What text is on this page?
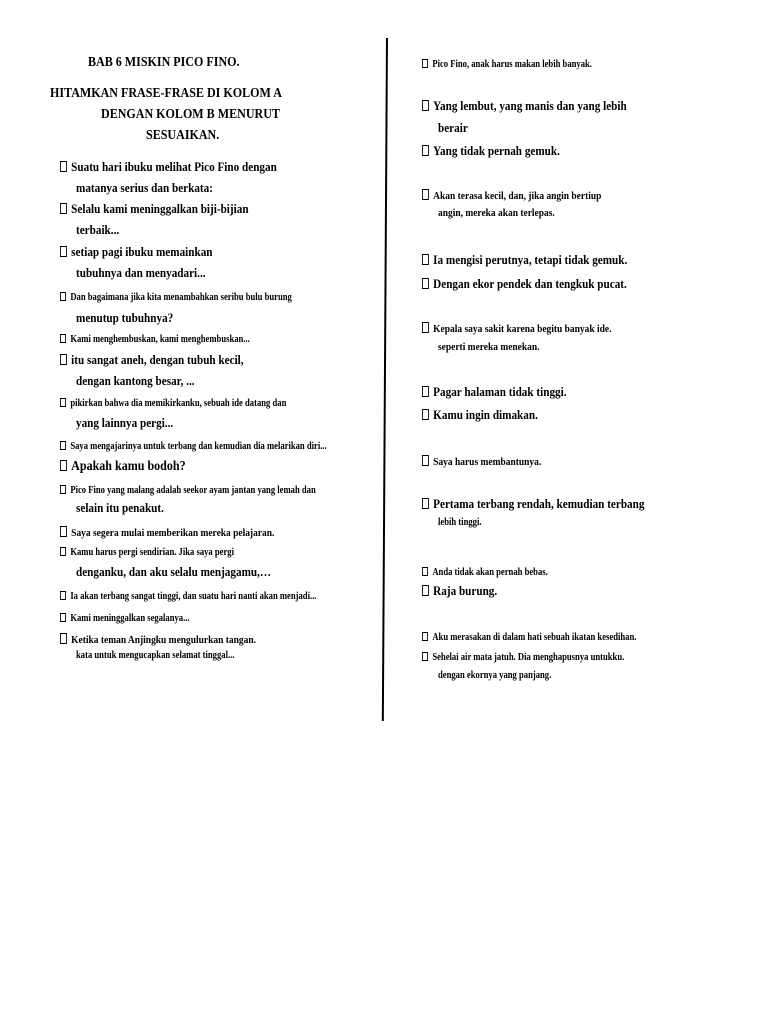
BAB 6 MISKIN PICO FINO.
HITAMKAN FRASE-FRASE DI KOLOM A
DENGAN KOLOM B MENURUT
SESUAIKAN.
Suatu hari ibuku melihat Pico Fino dengan
matanya serius dan berkata:
Selalu kami meninggalkan biji-bijian
terbaik...
setiap pagi ibuku memainkan
tubuhnya dan menyadari...
Dan bagaimana jika kita menambahkan seribu bulu burung
menutup tubuhnya?
Kami menghembuskan, kami menghembuskan...
itu sangat aneh, dengan tubuh kecil,
dengan kantong besar, ...
pikirkan bahwa dia memikirkanku, sebuah ide datang dan
yang lainnya pergi...
Saya mengajarinya untuk terbang dan kemudian dia melarikan diri...
Apakah kamu bodoh?
Pico Fino yang malang adalah seekor ayam jantan yang lemah dan
selain itu penakut.
Saya segera mulai memberikan mereka pelajaran.
Kamu harus pergi sendirian. Jika saya pergi
denganku, dan aku selalu menjagamu,…
Ia akan terbang sangat tinggi, dan suatu hari nanti akan menjadi...
Kami meninggalkan segalanya...
Ketika teman Anjingku mengulurkan tangan.
kata untuk mengucapkan selamat tinggal...
Pico Fino, anak harus makan lebih banyak.
Yang lembut, yang manis dan yang lebih
berair
Yang tidak pernah gemuk.
Akan terasa kecil, dan, jika angin bertiup
angin, mereka akan terlepas.
Ia mengisi perutnya, tetapi tidak gemuk.
Dengan ekor pendek dan tengkuk pucat.
Kepala saya sakit karena begitu banyak ide.
seperti mereka menekan.
Pagar halaman tidak tinggi.
Kamu ingin dimakan.
Saya harus membantunya.
Pertama terbang rendah, kemudian terbang
lebih tinggi.
Anda tidak akan pernah bebas.
Raja burung.
Aku merasakan di dalam hati sebuah ikatan kesedihan.
Sehelai air mata jatuh. Dia menghapusnya untukku.
dengan ekornya yang panjang.
